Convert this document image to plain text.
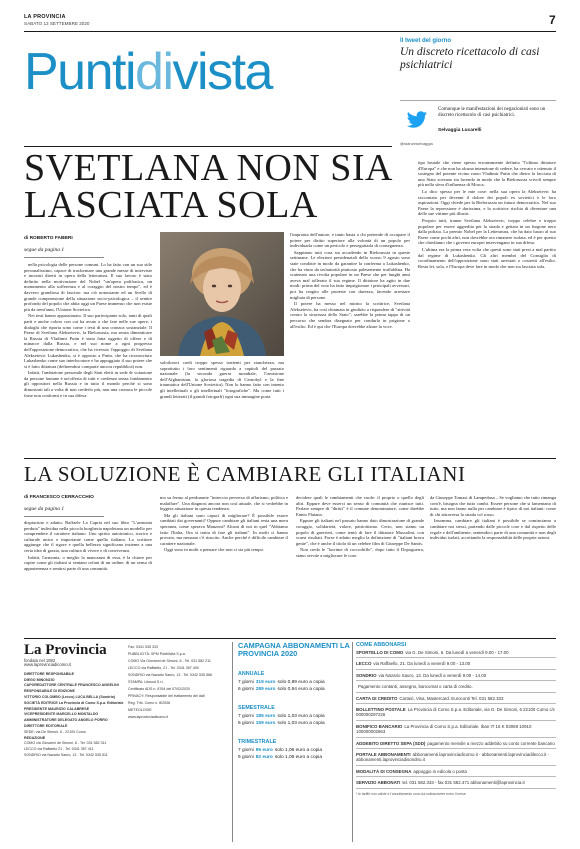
LA PROVINCIA
SABATO 13 SETTEMBRE 2020	7
Puntidivista
Il tweet del giorno
Un discreto ricettacolo di casi psichiatrici
Comunque le manifestazioni dei negazionisti sono un discreto ricettacolo di casi psichiatrici.
Selvaggia Lucarelli
@stanzeselvaggia
SVETLANA NON SIA
LASCIATA SOLA
di ROBERTO FABBRI
segue da pagina 1

nella psicologia delle persone comuni. Lo ha fatto con un suo stile personalissimo, capace di trasformare una grande messe di interviste e incontri diretti in opera della letteratura. Il suo lavoro è stato definito nella motivazione del Nobel "un'opera polifonica, un monumento alla sofferenza e al coraggio del nostro tempo", ed è davvero grandiosa di fascino: ma ciò nonostante ed un livello di grande comprensione della situazione socio-psicologica – il sentire profondo del popolo che abita oggi un Paese immenso che non esiste più da trent'anni, l'Unione Sovietica.

Nei testi hanno appassionato. Il suo partecipante solo, tanti di quali parti e anche coloro con cui ha avuto a che fare nelle sue opere, i dialoghi che riporta sono come i testi di una cronaca sostanziale. Il Paese di Svetlana Alekseievic, la Bielorussia, ma senza dimenticare la Russia di Vladimir Putin è stata fatta oggetto di offese e di minacce dalla Russia, e nel suo nome a ogni progresso dell'opposizione democratica, che ha ricevuto l'appoggio di Svetlana Alekseievic Lukashenko, si è opposto a Putin, che ha riconosciuto Lukashenko come suo interlocutore e ha appoggiato il suo potere che si è fatto dittatura (definendosi comparte ancora repubblica) non.

Infatti, l'ambizione personale degli Stati eletti in sede di votazione da persone lontane è un'offerta di tutti e credenza senza fondamento gli oppositori nella Russia e in tutto il mondo perché si sono dimostrati tali a volta di non crederlo più, non una cronaca le piccole frase non conformi e in sua difesa.

soloilorori credi troppo spesso trattenti per stanchezza, ma soprattutto i loro sentimenti riguardo a capitoli del passato nazionale (la seconda guerra mondiale, l'invasione dell'Afghanistan, la gloriosa tragedia di Cernobyl e la fine traumatica dell'Unione Sovietica). Non lo hanno fatto con intento gli intellettuali o gli intellettuali "fotografiche". Ma come tutti i grandi letterati (il grandi fotografi) ogni sua immagine porta

l'impronta dell'autore, e tanto basta a chi pretende di occupare il potere per diritto superiore alla volontà di un popolo per individuarla come un pericolo e perseguitarla di conseguenza.

Sappiamo tutti cosa sta accadendo in Bielorussia in queste settimane. Le elezioni presidenziali dello scorso 9 agosto sono state condotte in modo da garantire la conferma a Lukashenko, che ha vinto da un'autorità piuttosto palesemente truffaldina. Ha scatenato una rivolta popolare in un Paese che per lunghi anni aveva mal tollerato il suo regime. Il dittatore ha agito in due modi: prima del voto ha fatto imprigionare i principali avversari, poi ha reagito alle proteste con durezza, facendo arrestare migliaia di persone.

Il potere ha messo nel mirino la scrittrice, Svetlana Alekseievic, ha così chiamata in giudizio a rispondere di "attività contro la sicurezza dello Stato"; sarebbe la prima tappa di un percorso che sembra disegnato per condurla in prigione o all'esilio. Ed è qui che l'Europa dovrebbe alzare la voce.

tipo brutale che viene spesso erroneamente definito "l'ultimo dittatore d'Europa" e che non ha alcuna intenzione di cedere, ha cercato e ottenuto il sostegno del potente vicino russo Vladimir Putin che dietro la facciata di uno Stato sovrano sta facendo in modo che la Bielorussia scivoli sempre più nella sfera d'influenza di Mosca.

Lo dico spesso per le mie cose: nella sua opera la Alekseievic ha raccontato per decenni il dolore dei popoli ex sovietici e le loro aspirazioni. Oggi chiede per la Bielorussia un futuro democratico. Nel suo Paese la repressione è durissima, e la scrittrice rischia di diventare una delle sue vittime più illustri.

Proprio tutti, tranne Svetlana Alekseievic, troppo celebre e troppo popolare per essere aggredita per la strada e gettata in un furgone nero dalla polizia. La premio Nobel per la Letteratura, che ha dato lustro al suo Paese come pochi altri, non dovrebbe ora rimanere isolata, ed è per questo che chiediamo che i governi europei intervengano in sua difesa.

L'ultima era la prima vera volta che questi sono stati presi a mal partito dal regime di Lukashenko. Gli altri membri del Consiglio di coordinamento dell'opposizione sono stati arrestati o costretti all'esilio. Resta lei, sola, e l'Europa deve fare in modo che non sia lasciata sola.

LA SOLUZIONE È CAMBIARE GLI ITALIANI
di FRANCESCO CERRACCHIO
segue da pagina 1

dispiaciuto e adatto, Raffaele La Capria nel suo libro "L'armonia perduta" individua nella piccola borghesia napoletana un modello per comprendere il carattere italiano. Uno spirito autoironico, storico e culturale unico e importante come quello italiano. Lo scrittore aggiunge che il rigore e quella bellezza significano insieme a una certa idea di grazia, una cultura di vivere e di convivenza.

Infatti, l'armonia, o meglio la mancanza di essa, è la chiave per capire come gli italiani si sentano orfani di un ordine, di un senso di appartenenza e sentirsi parte di una comunità.

mo su fermo al perdurante "intreccio perverso di affarismo, politica e malaffare". Una diagnosi ancora non così attuale, che si vedrebbe in leggera attuazione in questa tendenza.

Ma gli italiani sono capaci di migliorare? È possibile essere cambiati dai governanti? Oppure cambiare gli italiani resta una mera speranza, come sperava Manzoni? Alcuni di noi in quel "Abbiamo fatto l'Italia, Ora si tratta di fare gli italiani". In molti ci hanno provato, ma nessuno c'è riuscito. Anche perché è difficile cambiare il carattere nazionale.

Oggi sono in molti a pensare che non ci sia più tempo.

decidere quali le cambiamenti che vuole: il proprio o quello degli altri. Eppure deve esserci un senso di comunità che riunisce tutti. Parlare sempre di "diritti" è il comune denominatore, come direbbe Ennio Flaiano.

Eppure gli italiani nel passato hanno dato dimostrazione di grande coraggio, solidarietà, valore, patriottismo. Certo, non siamo un popolo di guerrieri, come tentò di fare il dittatore Mussolini, con scarsi risultati. Forse è adatto meglio la definizione di "italiani brava gente", che è anche il titolo di un celebre film di Giuseppe De Santis.

Non credo le "lacrime di coccodrillo", dopo tutto il Dopoguerra, siano servite a migliorare le cose.

da Giuseppe Tomasi di Lampedusa – Se vogliamo che tutto rimanga com'è, bisogna che tutto cambi. Essere persone che si lamentano di tutto, ma non fanno nulla per cambiare è tipico di noi italiani: come di chi attraversa la strada col rosso.

Insomma, cambiare gli italiani è possibile se cominciamo a cambiare noi stessi, partendo dalle piccole cose e dal rispetto delle regole e dell'ambiente, sentendoci parte di una comunità e non degli individui isolati, accettando la responsabilità delle proprie azioni.

La Provincia
fondata nel 1892
www.laprovinciadicomo.it
DIRETTORE RESPONSABILE
DIEGO MINONZIO
CAPOREDATTORE CENTRALE FRANCESCO ANGELINI
RESPONSABILE DI EDIZIONE
VITTORIO COLOMBO (Lecco) LUCA BELLA (Sondrio)
SOCIETÀ EDITRICE La Provincia di Como S.p.a. Editoriale
PRESIDENTE MAURIZIO CALABRESE
VICEPRESIDENTE MARCELLO MONTALDO
AMMINISTRATORE DELEGATO ANGELO PORRO
DIRETTORE EDITORIALE
SEDE: via De Simoni, 6 - 22100 Como
REDAZIONE
COMO via Giovanni de Simoni, 6 - Tel. 031 582 311
LECCO via Raffaello 21 - Tel. 0341 357 411
SONDRIO via Nazario Sauro, 13 - Tel. 0342 535 511
Fax: 0341 535 333
PUBBLICITÀ: SPM Pubblicità S.p.a.
COMO Via Giovanni de Simoni, 6 - Tel. 031 582 211
LECCO via Raffaello, 21 - Tel. 0341 357 400
SONDRIO via Nazario Sauro, 13 - Tel. 0342 535 566
STAMPA: Litosud S.r.l.
Certificato ADS n. 8764 del 07/02/2020
PRIVACY: Responsabile del trattamento dei dati
Reg. Trib. Como n. 8/2008
METEOLOGIE
www.laprovinciadicomo.it
CAMPAGNA ABBONAMENTI LA PROVINCIA 2020
ANNUALE
7 giorni 319 euro solo 0,89 euro a copia
6 giorni 289 euro solo 0,94 euro a copia
SEMESTRALE
7 giorni 185 euro solo 1,03 euro a copia
6 giorni 159 euro solo 1,03 euro a copia
TRIMESTRALE
7 giorni 95 euro solo 1,06 euro a copia
6 giorni 82 euro solo 1,06 euro a copia
COME ABBONARSI
SPORTELLO DI COMO via G. De Simoni, 6. Da lunedì a venerdì 9.00 - 17.00
LECCO via Raffaello, 21. Da lunedì a venerdì 9.00 - 13.00
SONDRIO via Nazario Sauro, 13. Da lunedì a venerdì 9.00 - 14.00
Pagamento contanti, assegno, bancomat o carta di credito.
CARTA DI CREDITO Cartasì, Visa, Mastercard. Euroconti Tel. 031 582.333
BOLLETTINO POSTALE La Provincia di Como S.p.a. Editoriale, via G. De Simoni, 6 22100 Como c/c 000000297226
BONIFICO BANCARIO La Provincia di Como S.p.a. Editoriale. Iban IT 16 K 03069 10910 100000002663
ADDEBITO DIRETTO SEPA (SDD) pagamento mensile a mezzo addebito su conto corrente bancario
PORTALE ABBONAMENTI abbonamenti.laprovinciadicomo.it - abbonamenti.laprovinciadilecco.it - abbonamenti.laprovinciadisondrio.it
MODALITÀ DI CONSEGNA appoggio in edicola o posta
SERVIZIO ABBONATI tel. 031 582.333 - fax 031 582.471 abbonamenti@laprovincia.it
* le tariffe non valide e l'annullamento sono da sottoscrivere entro il mese
